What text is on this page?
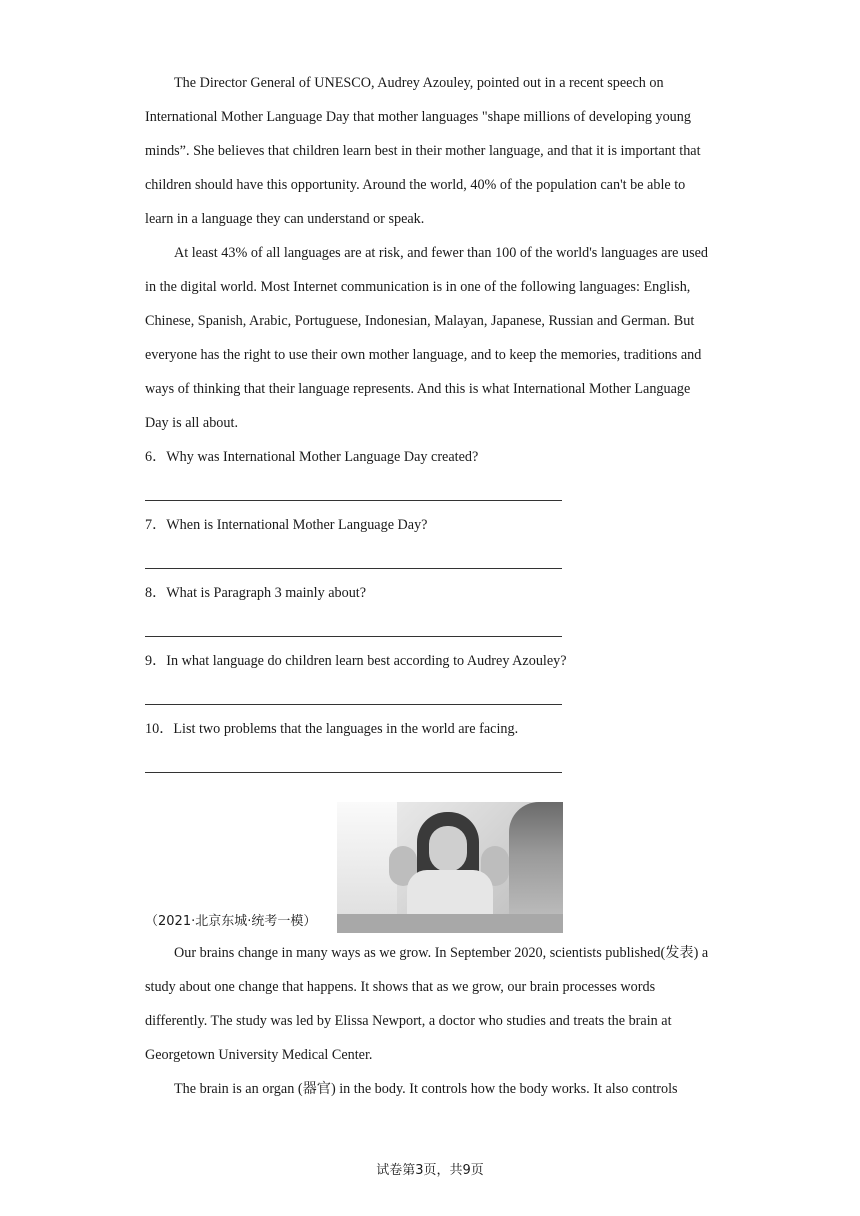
The Director General of UNESCO, Audrey Azouley, pointed out in a recent speech on International Mother Language Day that mother languages "shape millions of developing young minds”. She believes that children learn best in their mother language, and that it is important that children should have this opportunity. Around the world, 40% of the population can't be able to learn in a language they can understand or speak.

At least 43% of all languages are at risk, and fewer than 100 of the world's languages are used in the digital world. Most Internet communication is in one of the following languages: English, Chinese, Spanish, Arabic, Portuguese, Indonesian, Malayan, Japanese, Russian and German. But everyone has the right to use their own mother language, and to keep the memories, traditions and ways of thinking that their language represents. And this is what International Mother Language Day is all about.

6．Why was International Mother Language Day created?

7．When is International Mother Language Day?

8．What is Paragraph 3 mainly about?

9．In what language do children learn best according to Audrey Azouley?

10．List two problems that the languages in the world are facing.

（2021·北京东城·统考一模）

Our brains change in many ways as we grow. In September 2020, scientists published(发表) a study about one change that happens. It shows that as we grow, our brain processes words differently. The study was led by Elissa Newport, a doctor who studies and treats the brain at Georgetown University Medical Center.

The brain is an organ (器官) in the body. It controls how the body works. It also controls

试卷第3页，共9页
